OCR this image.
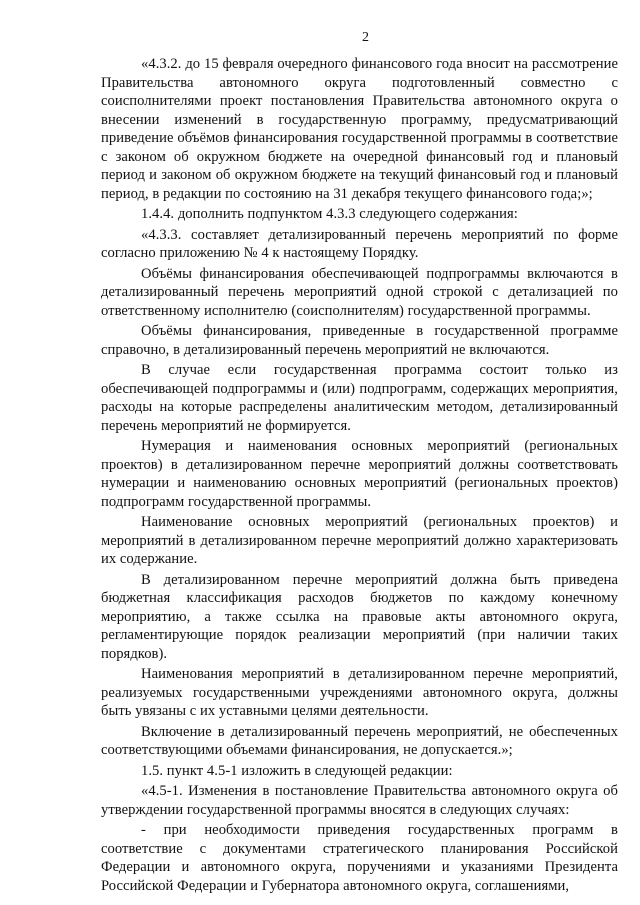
2

«4.3.2. до 15 февраля очередного финансового года вносит на рассмотрение Правительства автономного округа подготовленный совместно с соисполнителями проект постановления Правительства автономного округа о внесении изменений в государственную программу, предусматривающий приведение объёмов финансирования государственной программы в соответствие с законом об окружном бюджете на очередной финансовый год и плановый период и законом об окружном бюджете на текущий финансовый год и плановый период, в редакции по состоянию на 31 декабря текущего финансового года;»;

1.4.4. дополнить подпунктом 4.3.3 следующего содержания:

«4.3.3. составляет детализированный перечень мероприятий по форме согласно приложению № 4 к настоящему Порядку.

Объёмы финансирования обеспечивающей подпрограммы включаются в детализированный перечень мероприятий одной строкой с детализацией по ответственному исполнителю (соисполнителям) государственной программы.

Объёмы финансирования, приведенные в государственной программе справочно, в детализированный перечень мероприятий не включаются.

В случае если государственная программа состоит только из обеспечивающей подпрограммы и (или) подпрограмм, содержащих мероприятия, расходы на которые распределены аналитическим методом, детализированный перечень мероприятий не формируется.

Нумерация и наименования основных мероприятий (региональных проектов) в детализированном перечне мероприятий должны соответствовать нумерации и наименованию основных мероприятий (региональных проектов) подпрограмм государственной программы.

Наименование основных мероприятий (региональных проектов) и мероприятий в детализированном перечне мероприятий должно характеризовать их содержание.

В детализированном перечне мероприятий должна быть приведена бюджетная классификация расходов бюджетов по каждому конечному мероприятию, а также ссылка на правовые акты автономного округа, регламентирующие порядок реализации мероприятий (при наличии таких порядков).

Наименования мероприятий в детализированном перечне мероприятий, реализуемых государственными учреждениями автономного округа, должны быть увязаны с их уставными целями деятельности.

Включение в детализированный перечень мероприятий, не обеспеченных соответствующими объемами финансирования, не допускается.»;

1.5. пункт 4.5-1 изложить в следующей редакции:

«4.5-1. Изменения в постановление Правительства автономного округа об утверждении государственной программы вносятся в следующих случаях:

- при необходимости приведения государственных программ в соответствие с документами стратегического планирования Российской Федерации и автономного округа, поручениями и указаниями Президента Российской Федерации и Губернатора автономного округа, соглашениями,
